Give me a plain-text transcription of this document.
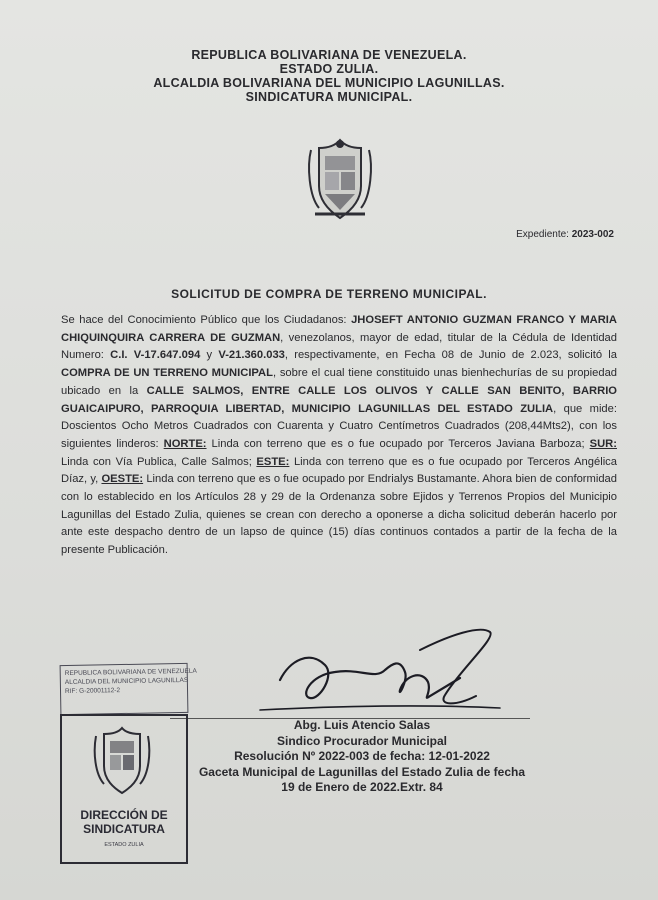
REPUBLICA BOLIVARIANA DE VENEZUELA.
ESTADO ZULIA.
ALCALDIA BOLIVARIANA DEL MUNICIPIO LAGUNILLAS.
SINDICATURA MUNICIPAL.
Expediente: 2023-002
SOLICITUD DE COMPRA DE TERRENO MUNICIPAL.
Se hace del Conocimiento Público que los Ciudadanos: JHOSEFT ANTONIO GUZMAN FRANCO Y MARIA CHIQUINQUIRA CARRERA DE GUZMAN, venezolanos, mayor de edad, titular de la Cédula de Identidad Numero: C.I. V-17.647.094 y V-21.360.033, respectivamente, en Fecha 08 de Junio de 2.023, solicitó la COMPRA DE UN TERRENO MUNICIPAL, sobre el cual tiene constituido unas bienhechurías de su propiedad ubicado en la CALLE SALMOS, ENTRE CALLE LOS OLIVOS Y CALLE SAN BENITO, BARRIO GUAICAIPURO, PARROQUIA LIBERTAD, MUNICIPIO LAGUNILLAS DEL ESTADO ZULIA, que mide: Doscientos Ocho Metros Cuadrados con Cuarenta y Cuatro Centímetros Cuadrados (208,44Mts2), con los siguientes linderos: NORTE: Linda con terreno que es o fue ocupado por Terceros Javiana Barboza; SUR: Linda con Vía Publica, Calle Salmos; ESTE: Linda con terreno que es o fue ocupado por Terceros Angélica Díaz, y, OESTE: Linda con terreno que es o fue ocupado por Endrialys Bustamante. Ahora bien de conformidad con lo establecido en los Artículos 28 y 29 de la Ordenanza sobre Ejidos y Terrenos Propios del Municipio Lagunillas del Estado Zulia, quienes se crean con derecho a oponerse a dicha solicitud deberán hacerlo por ante este despacho dentro de un lapso de quince (15) días continuos contados a partir de la fecha de la presente Publicación.
REPUBLICA BOLIVARIANA DE VENEZUELA
ALCALDIA DEL MUNICIPIO LAGUNILLAS
RIF: G-20001112-2
Abg. Luis Atencio Salas
Sindico Procurador Municipal
Resolución Nº 2022-003 de fecha: 12-01-2022
Gaceta Municipal de Lagunillas del Estado Zulia de fecha
19 de Enero de 2022.Extr. 84
DIRECCIÓN DE SINDICATURA
ESTADO ZULIA
